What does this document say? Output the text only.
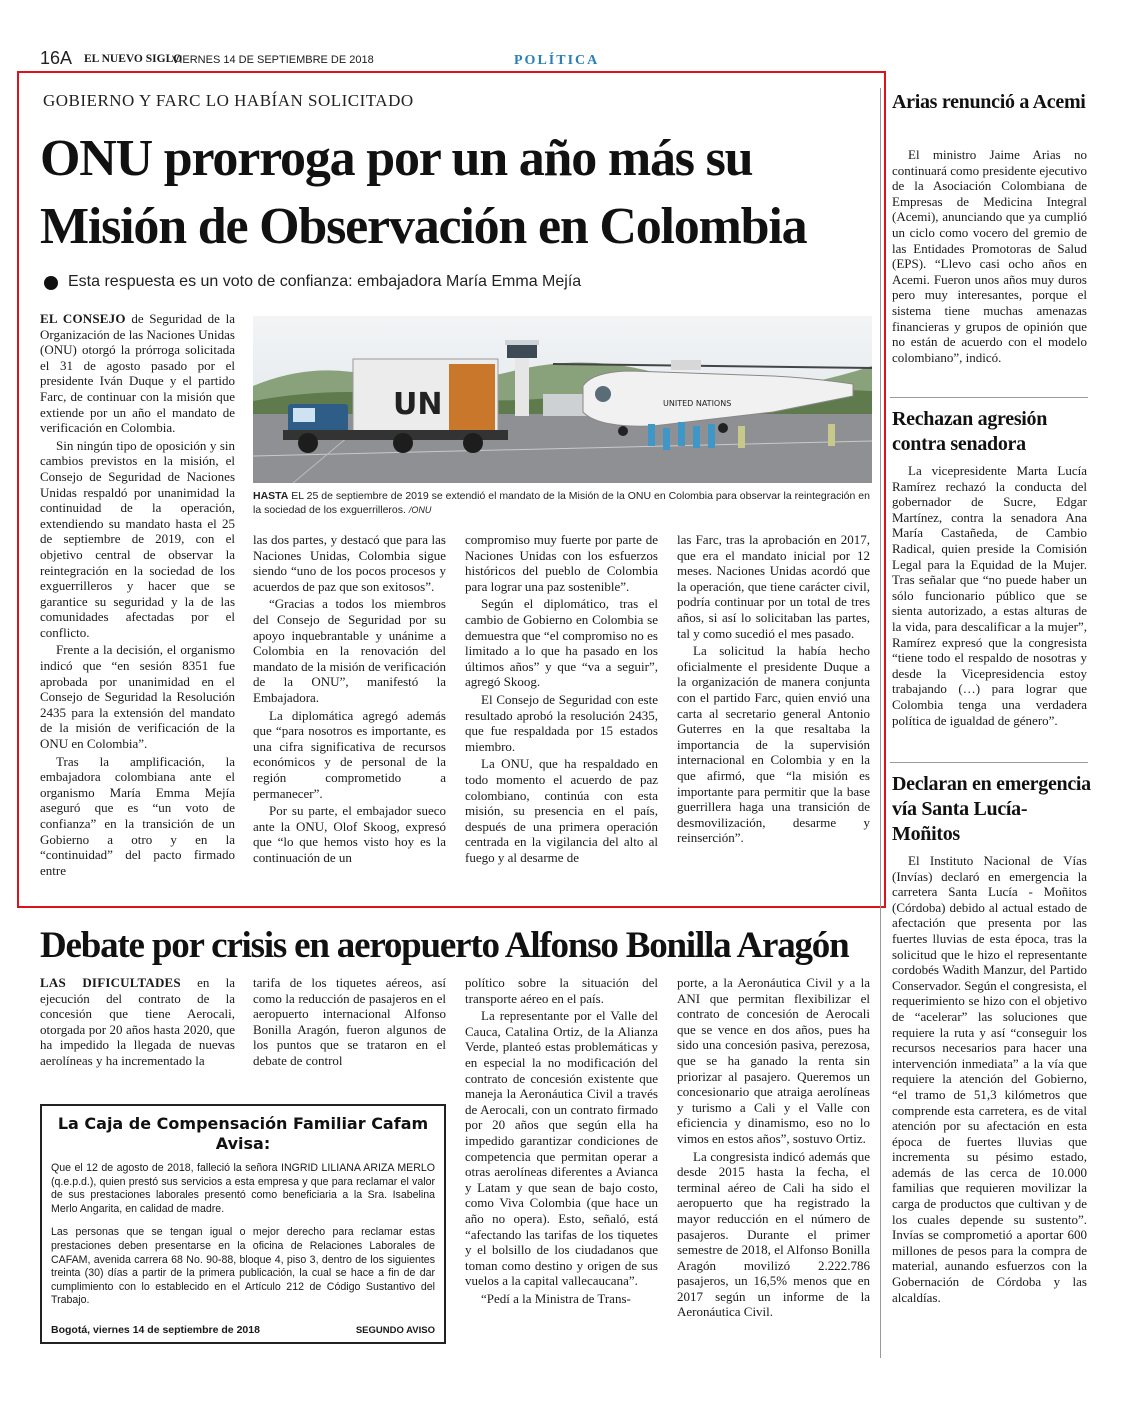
16A EL NUEVO SIGLO
VIERNES 14 DE SEPTIEMBRE DE 2018	POLÍTICA
GOBIERNO Y FARC LO HABÍAN SOLICITADO
ONU prorroga por un año más su
Misión de Observación en Colombia
Esta respuesta es un voto de confianza: embajadora María Emma Mejía

EL CONSEJO de Seguridad de la Organización de las Naciones Unidas (ONU) otorgó la prórroga solicitada el 31 de agosto pasado por el presidente Iván Duque y el partido Farc, de continuar con la misión que extiende por un año el mandato de verificación en Colombia.

Sin ningún tipo de oposición y sin cambios previstos en la misión, el Consejo de Seguridad de Naciones Unidas respaldó por unanimidad la continuidad de la operación, extendiendo su mandato hasta el 25 de septiembre de 2019, con el objetivo central de observar la reintegración en la sociedad de los exguerrilleros y hacer que se garantice su seguridad y la de las comunidades afectadas por el conflicto.

Frente a la decisión, el organismo indicó que “en sesión 8351 fue aprobada por unanimidad en el Consejo de Seguridad la Resolución 2435 para la extensión del mandato de la misión de verificación de la ONU en Colombia”.

Tras la amplificación, la embajadora colombiana ante el organismo María Emma Mejía aseguró que es “un voto de confianza” en la transición de un Gobierno a otro y en la “continuidad” del pacto firmado entre

UN	UNITED NATIONS
HASTA EL 25 de septiembre de 2019 se extendió el mandato de la Misión de la ONU en Colombia para observar la reintegración en la sociedad de los exguerrilleros. /ONU

las dos partes, y destacó que para las Naciones Unidas, Colombia sigue siendo “uno de los pocos procesos y acuerdos de paz que son exitosos”.

“Gracias a todos los miembros del Consejo de Seguridad por su apoyo inquebrantable y unánime a Colombia en la renovación del mandato de la misión de verificación de la ONU”, manifestó la Embajadora.

La diplomática agregó además que “para nosotros es importante, es una cifra significativa de recursos económicos y de personal de la región comprometido a permanecer”.

Por su parte, el embajador sueco ante la ONU, Olof Skoog, expresó que “lo que hemos visto hoy es la continuación de un

compromiso muy fuerte por parte de Naciones Unidas con los esfuerzos históricos del pueblo de Colombia para lograr una paz sostenible”.

Según el diplomático, tras el cambio de Gobierno en Colombia se demuestra que “el compromiso no es limitado a lo que ha pasado en los últimos años” y que “va a seguir”, agregó Skoog.

El Consejo de Seguridad con este resultado aprobó la resolución 2435, que fue respaldada por 15 estados miembro.

La ONU, que ha respaldado en todo momento el acuerdo de paz colombiano, continúa con esta misión, su presencia en el país, después de una primera operación centrada en la vigilancia del alto al fuego y al desarme de

las Farc, tras la aprobación en 2017, que era el mandato inicial por 12 meses. Naciones Unidas acordó que la operación, que tiene carácter civil, podría continuar por un total de tres años, si así lo solicitaban las partes, tal y como sucedió el mes pasado.

La solicitud la había hecho oficialmente el presidente Duque a la organización de manera conjunta con el partido Farc, quien envió una carta al secretario general Antonio Guterres en la que resaltaba la importancia de la supervisión internacional en Colombia y en la que afirmó, que “la misión es importante para permitir que la base guerrillera haga una transición de desmovilización, desarme y reinserción”.

Arias renunció a Acemi

El ministro Jaime Arias no continuará como presidente ejecutivo de la Asociación Colombiana de Empresas de Medicina Integral (Acemi), anunciando que ya cumplió un ciclo como vocero del gremio de las Entidades Promotoras de Salud (EPS). “Llevo casi ocho años en Acemi. Fueron unos años muy duros pero muy interesantes, porque el sistema tiene muchas amenazas financieras y grupos de opinión que no están de acuerdo con el modelo colombiano”, indicó.

Rechazan agresión contra senadora

La vicepresidente Marta Lucía Ramírez rechazó la conducta del gobernador de Sucre, Edgar Martínez, contra la senadora Ana María Castañeda, de Cambio Radical, quien preside la Comisión Legal para la Equidad de la Mujer. Tras señalar que “no puede haber un sólo funcionario público que se sienta autorizado, a estas alturas de la vida, para descalificar a la mujer”, Ramírez expresó que la congresista “tiene todo el respaldo de nosotras y desde la Vicepresidencia estoy trabajando (…) para lograr que Colombia tenga una verdadera política de igualdad de género”.

Declaran en emergencia vía Santa Lucía- Moñitos

El Instituto Nacional de Vías (Invías) declaró en emergencia la carretera Santa Lucía - Moñitos (Córdoba) debido al actual estado de afectación que presenta por las fuertes lluvias de esta época, tras la solicitud que le hizo el representante cordobés Wadith Manzur, del Partido Conservador. Según el congresista, el requerimiento se hizo con el objetivo de “acelerar” las soluciones que requiere la ruta y así “conseguir los recursos necesarios para hacer una intervención inmediata” a la vía que requiere la atención del Gobierno, “el tramo de 51,3 kilómetros que comprende esta carretera, es de vital atención por su afectación en esta época de fuertes lluvias que incrementa su pésimo estado, además de las cerca de 10.000 familias que requieren movilizar la carga de productos que cultivan y de los cuales depende su sustento”. Invías se comprometió a aportar 600 millones de pesos para la compra de material, aunando esfuerzos con la Gobernación de Córdoba y las alcaldías.

Debate por crisis en aeropuerto Alfonso Bonilla Aragón

LAS DIFICULTADES en la ejecución del contrato de la concesión que tiene Aerocali, otorgada por 20 años hasta 2020, que ha impedido la llegada de nuevas aerolíneas y ha incrementado la

tarifa de los tiquetes aéreos, así como la reducción de pasajeros en el aeropuerto internacional Alfonso Bonilla Aragón, fueron algunos de los puntos que se trataron en el debate de control

político sobre la situación del transporte aéreo en el país.

La representante por el Valle del Cauca, Catalina Ortiz, de la Alianza Verde, planteó estas problemáticas y en especial la no modificación del contrato de concesión existente que maneja la Aeronáutica Civil a través de Aerocali, con un contrato firmado por 20 años que según ella ha impedido garantizar condiciones de competencia que permitan operar a otras aerolíneas diferentes a Avianca y Latam y que sean de bajo costo, como Viva Colombia (que hace un año no opera). Esto, señaló, está “afectando las tarifas de los tiquetes y el bolsillo de los ciudadanos que toman como destino y origen de sus vuelos a la capital vallecaucana”.

“Pedí a la Ministra de Trans-

porte, a la Aeronáutica Civil y a la ANI que permitan flexibilizar el contrato de concesión de Aerocali que se vence en dos años, pues ha sido una concesión pasiva, perezosa, que se ha ganado la renta sin priorizar al pasajero. Queremos un concesionario que atraiga aerolíneas y turismo a Cali y el Valle con eficiencia y dinamismo, eso no lo vimos en estos años”, sostuvo Ortiz.

La congresista indicó además que desde 2015 hasta la fecha, el terminal aéreo de Cali ha sido el aeropuerto que ha registrado la mayor reducción en el número de pasajeros. Durante el primer semestre de 2018, el Alfonso Bonilla Aragón movilizó 2.222.786 pasajeros, un 16,5% menos que en 2017 según un informe de la Aeronáutica Civil.

La Caja de Compensación Familiar Cafam
Avisa:

Que el 12 de agosto de 2018, falleció la señora INGRID LILIANA ARIZA MERLO (q.e.p.d.), quien prestó sus servicios a esta empresa y que para reclamar el valor de sus prestaciones laborales presentó como beneficiaria a la Sra. Isabelina Merlo Angarita, en calidad de madre.

Las personas que se tengan igual o mejor derecho para reclamar estas prestaciones deben presentarse en la oficina de Relaciones Laborales de CAFAM, avenida carrera 68 No. 90-88, bloque 4, piso 3, dentro de los siguientes treinta (30) días a partir de la primera publicación, la cual se hace a fin de dar cumplimiento con lo establecido en el Artículo 212 de Código Sustantivo del Trabajo.

Bogotá, viernes 14 de septiembre de 2018	SEGUNDO AVISO
